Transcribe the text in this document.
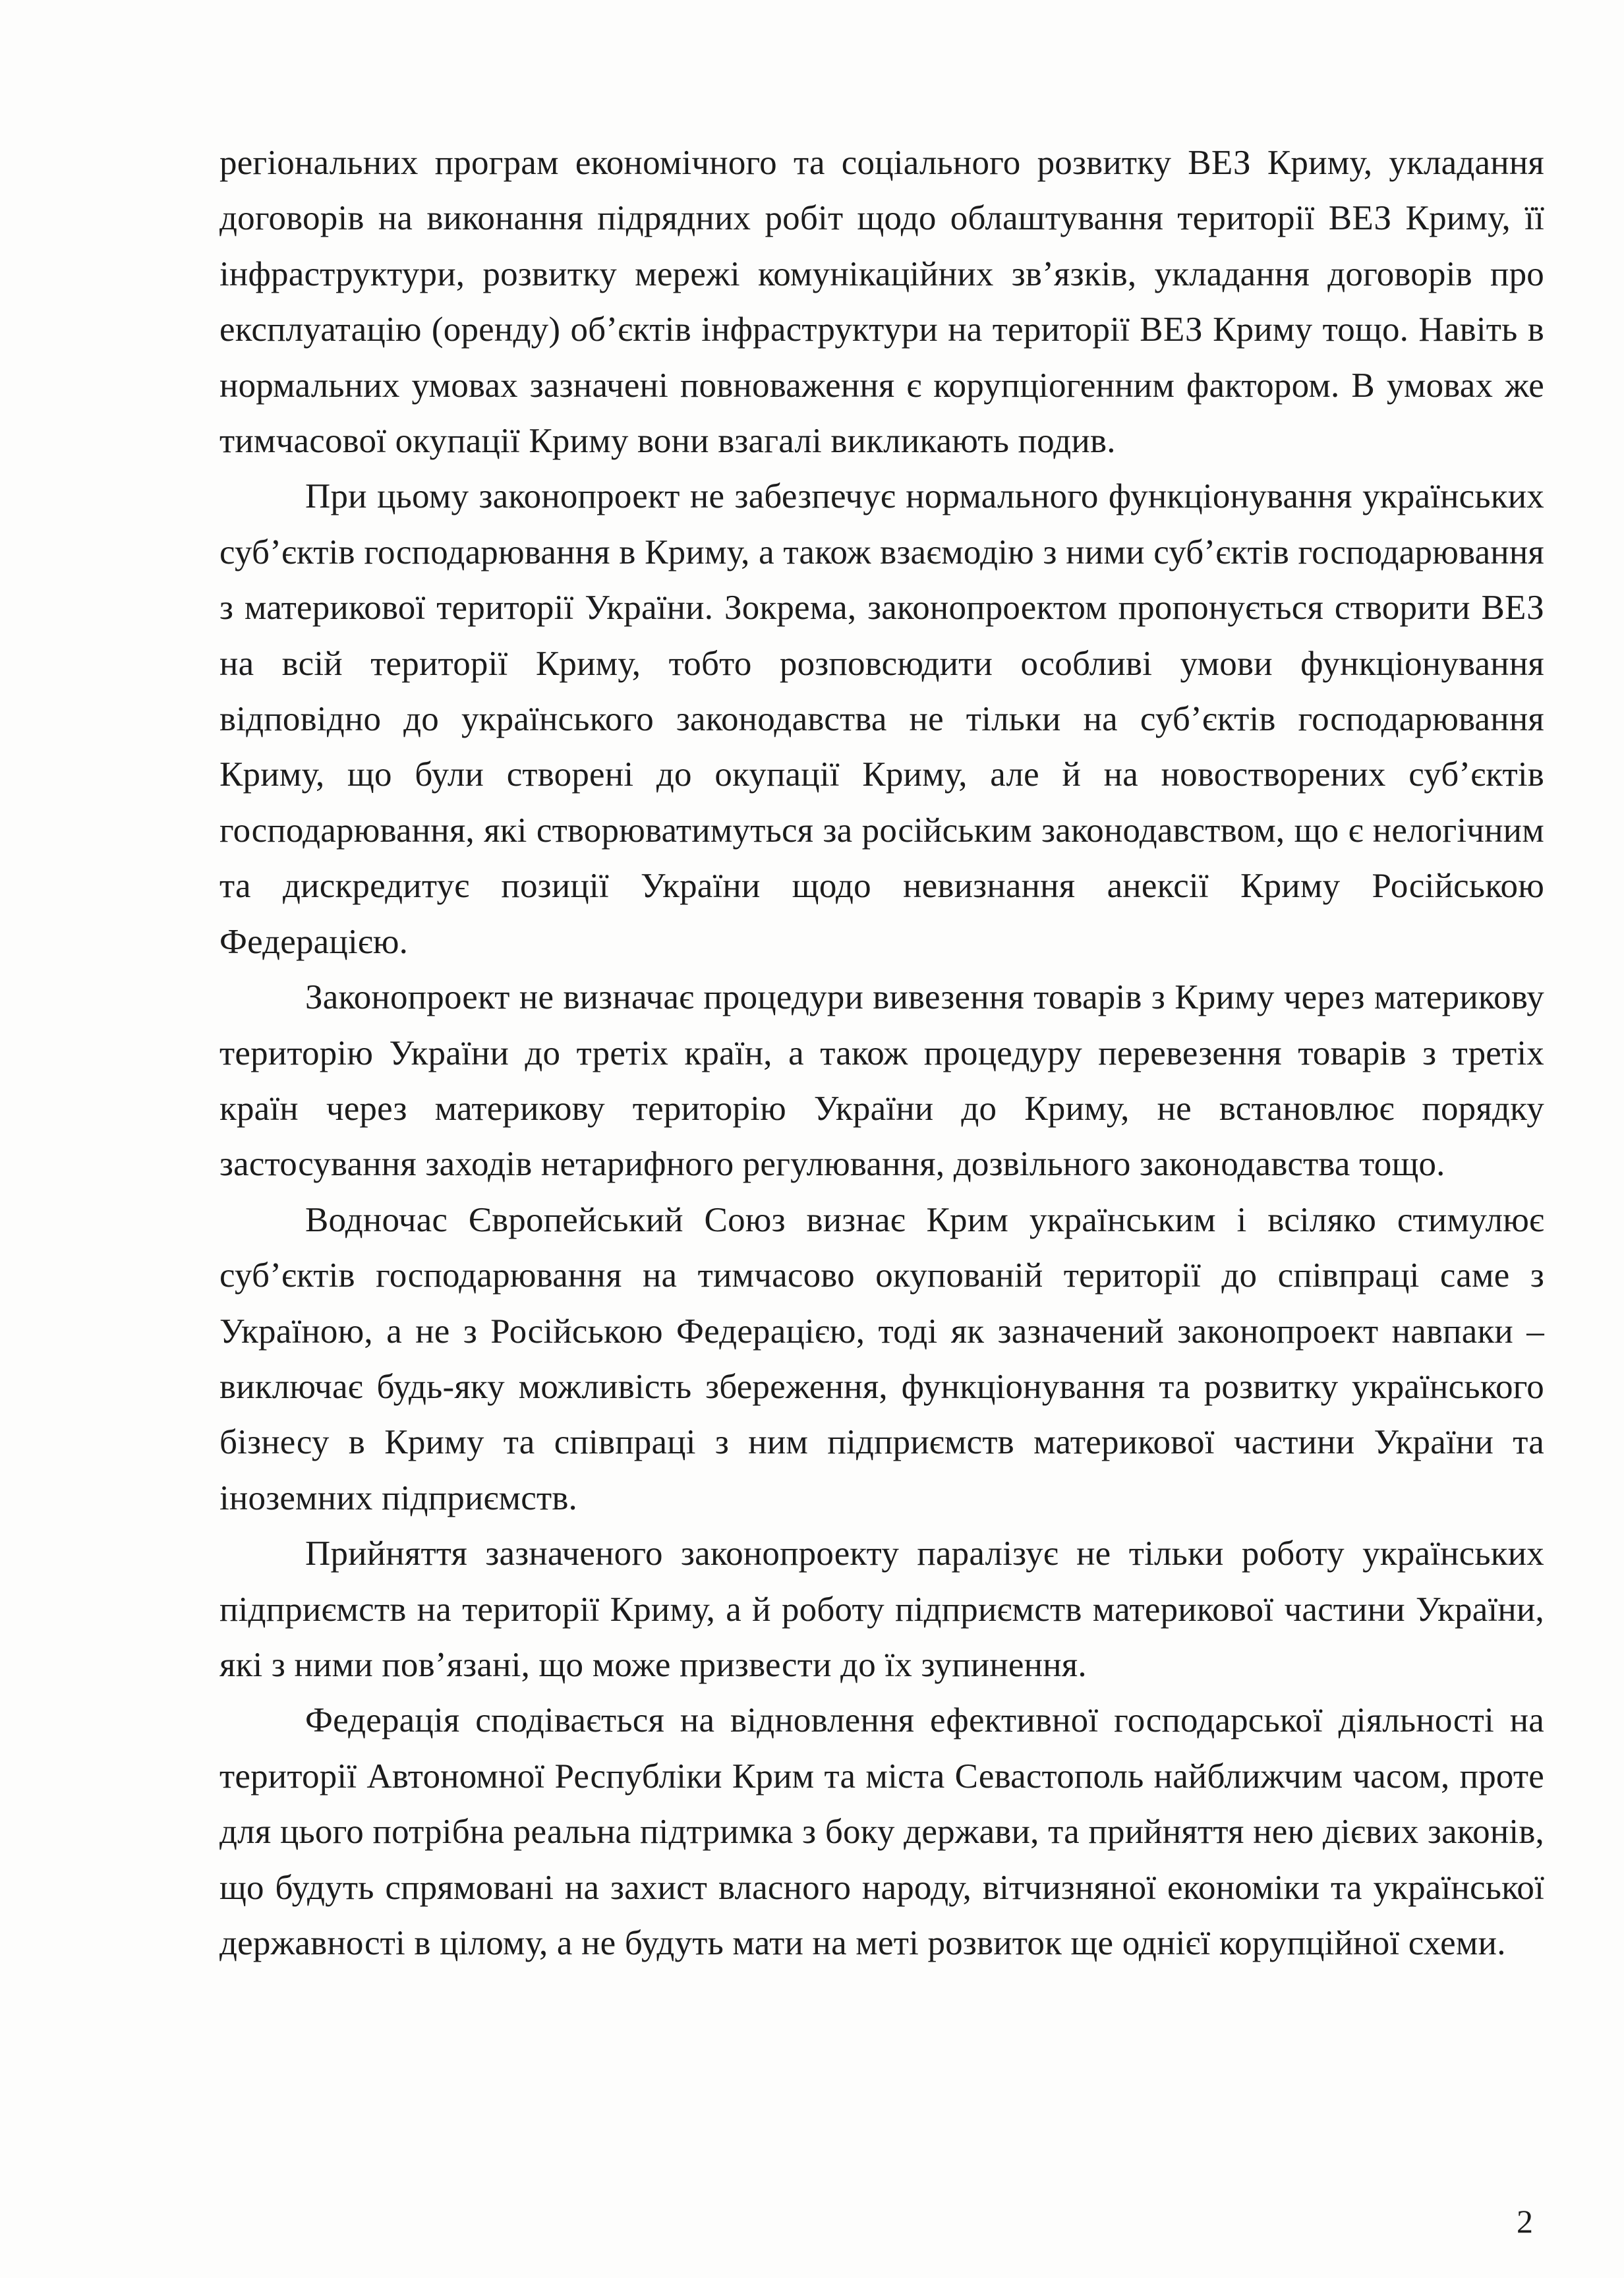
регіональних програм економічного та соціального розвитку ВЕЗ Криму, укладання договорів на виконання підрядних робіт щодо облаштування території ВЕЗ Криму, її інфраструктури, розвитку мережі комунікаційних зв’язків, укладання договорів про експлуатацію (оренду) об’єктів інфраструктури на території ВЕЗ Криму тощо. Навіть в нормальних умовах зазначені повноваження є корупціогенним фактором. В умовах же тимчасової окупації Криму вони взагалі викликають подив.

При цьому законопроект не забезпечує нормального функціонування українських суб’єктів господарювання в Криму, а також взаємодію з ними суб’єктів господарювання з материкової території України. Зокрема, законопроектом пропонується створити ВЕЗ на всій території Криму, тобто розповсюдити особливі умови функціонування відповідно до українського законодавства не тільки на суб’єктів господарювання Криму, що були створені до окупації Криму, але й на новостворених суб’єктів господарювання, які створюватимуться за російським законодавством, що є нелогічним та дискредитує позиції України щодо невизнання анексії Криму Російською Федерацією.

Законопроект не визначає процедури вивезення товарів з Криму через материкову територію України до третіх країн, а також процедуру перевезення товарів з третіх країн через материкову територію України до Криму, не встановлює порядку застосування заходів нетарифного регулювання, дозвільного законодавства тощо.

Водночас Європейський Союз визнає Крим українським і всіляко стимулює суб’єктів господарювання на тимчасово окупованій території до співпраці саме з Україною, а не з Російською Федерацією, тоді як зазначений законопроект навпаки – виключає будь-яку можливість збереження, функціонування та розвитку українського бізнесу в Криму та співпраці з ним підприємств материкової частини України та іноземних підприємств.

Прийняття зазначеного законопроекту паралізує не тільки роботу українських підприємств на території Криму, а й роботу підприємств материкової частини України, які з ними пов’язані, що може призвести до їх зупинення.

Федерація сподівається на відновлення ефективної господарської діяльності на території Автономної Республіки Крим та міста Севастополь найближчим часом, проте для цього потрібна реальна підтримка з боку держави, та прийняття нею дієвих законів, що будуть спрямовані на захист власного народу, вітчизняної економіки та української державності в цілому, а не будуть мати на меті розвиток ще однієї корупційної схеми.

2
